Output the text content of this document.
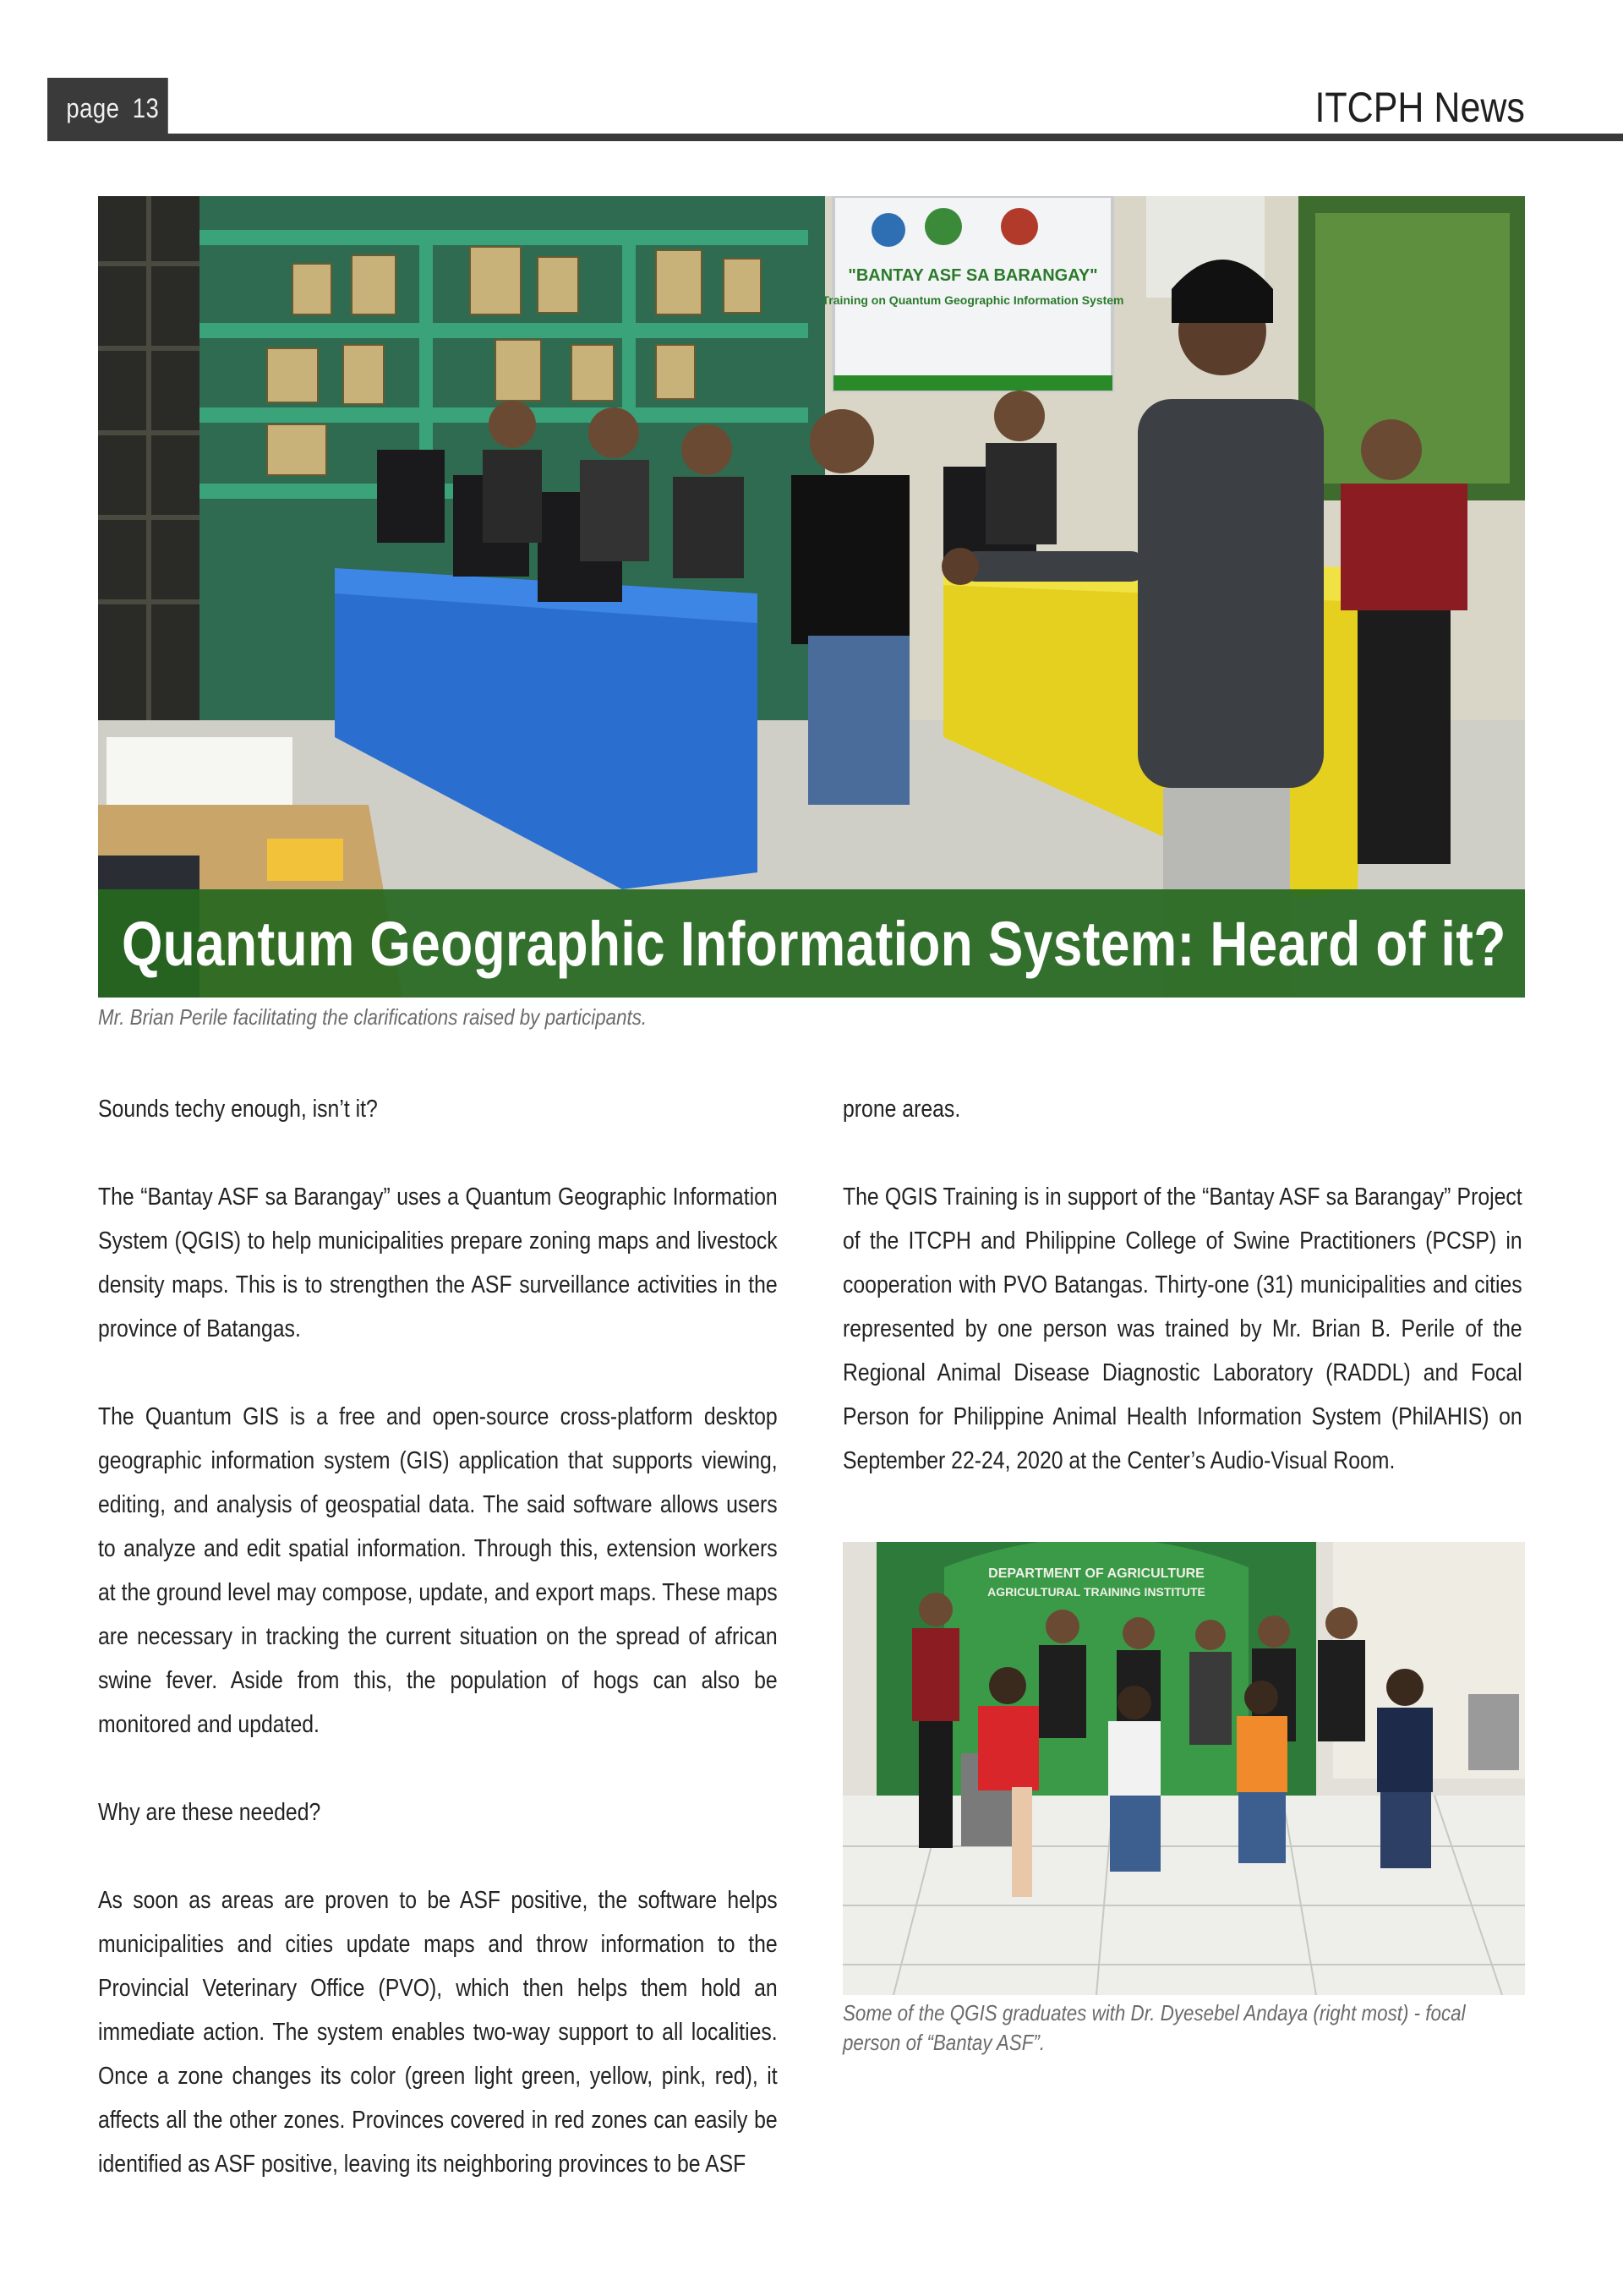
page 13	ITCPH News
"BANTAY ASF SA BARANGAY"
Training on Quantum Geographic Information System
Quantum Geographic Information System: Heard of it?
Mr. Brian Perile facilitating the clarifications raised by participants.

Sounds techy enough, isn’t it?

The “Bantay ASF sa Barangay” uses a Quantum Geographic Information System (QGIS) to help municipalities prepare zoning maps and livestock density maps. This is to strengthen the ASF surveillance activities in the province of Batangas.

The Quantum GIS is a free and open-source cross-platform desktop geographic information system (GIS) application that supports viewing, editing, and analysis of geospatial data. The said software allows users to analyze and edit spatial information. Through this, extension workers at the ground level may compose, update, and export maps. These maps are necessary in tracking the current situation on the spread of african swine fever. Aside from this, the population of hogs can also be monitored and updated.

Why are these needed?

As soon as areas are proven to be ASF positive, the software helps municipalities and cities update maps and throw information to the Provincial Veterinary Office (PVO), which then helps them hold an immediate action. The system enables two-way support to all localities. Once a zone changes its color (green light green, yellow, pink, red), it affects all the other zones. Provinces covered in red zones can easily be identified as ASF positive, leaving its neighboring provinces to be ASF

prone areas.

The QGIS Training is in support of the “Bantay ASF sa Barangay” Project of the ITCPH and Philippine College of Swine Practitioners (PCSP) in cooperation with PVO Batangas. Thirty-one (31) municipalities and cities represented by one person was trained by Mr. Brian B. Perile of the Regional Animal Disease Diagnostic Laboratory (RADDL) and Focal Person for Philippine Animal Health Information System (PhilAHIS) on September 22-24, 2020 at the Center’s Audio-Visual Room.

DEPARTMENT OF AGRICULTURE
AGRICULTURAL TRAINING INSTITUTE
Some of the QGIS graduates with Dr. Dyesebel Andaya (right most) - focal person of “Bantay ASF”.
